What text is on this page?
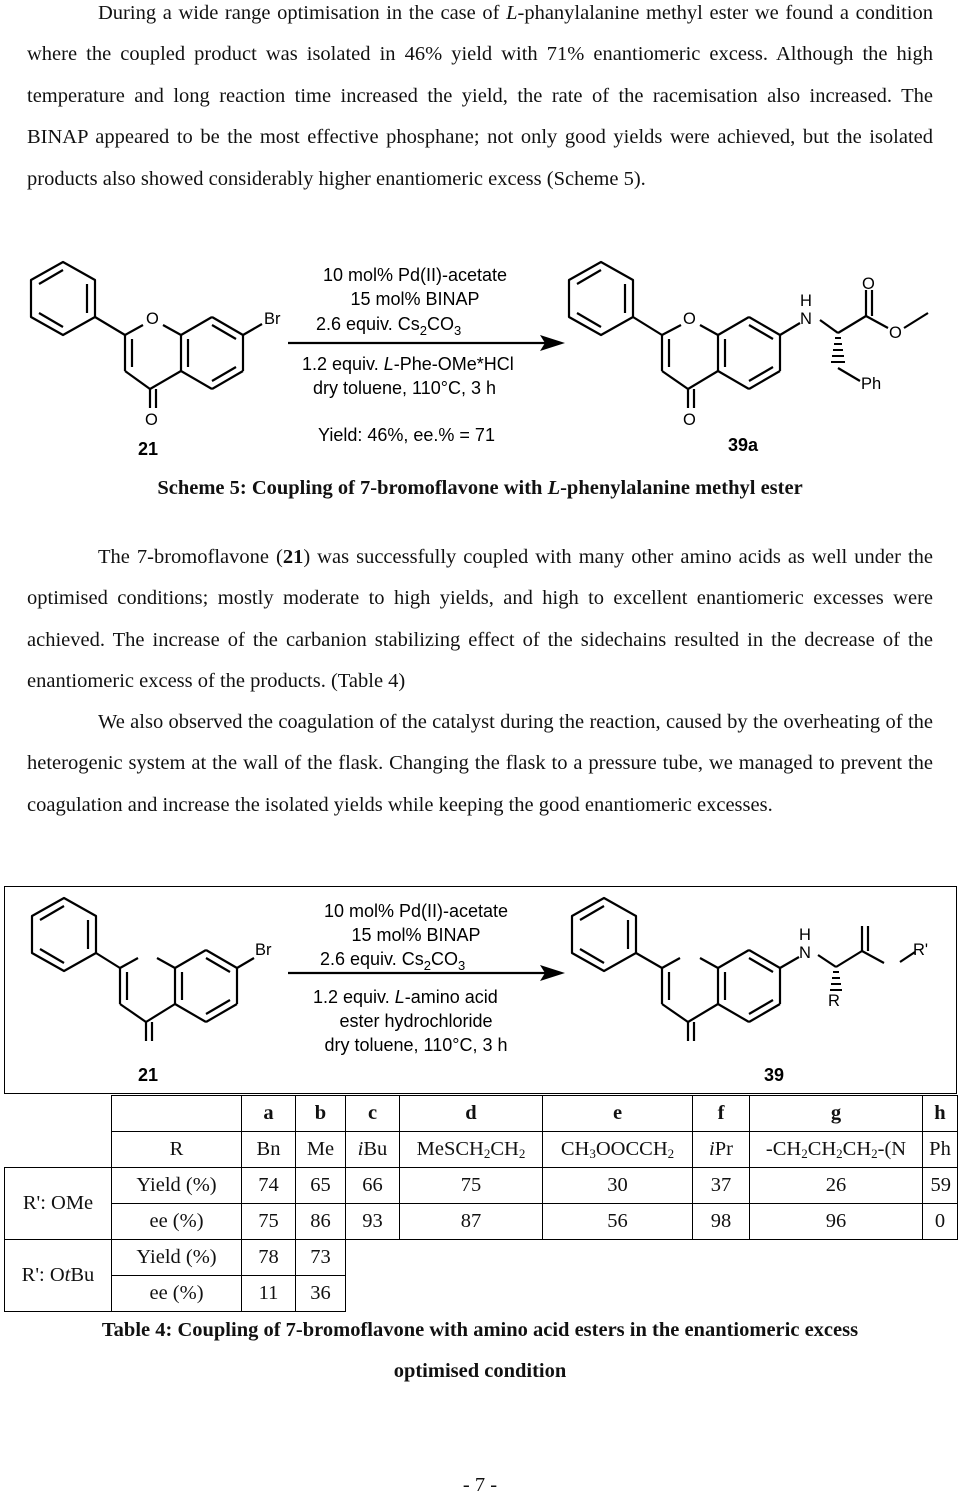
During a wide range optimisation in the case of L-phanylalanine methyl ester we found a condition where the coupled product was isolated in 46% yield with 71% enantiomeric excess. Although the high temperature and long reaction time increased the yield, the rate of the racemisation also increased. The BINAP appeared to be the most effective phosphane; not only good yields were achieved, but the isolated products also showed considerably higher enantiomeric excess (Scheme 5).

O
O
Br
21
10 mol% Pd(II)-acetate
15 mol% BINAP
2.6 equiv. $Cs_2CO_3$
1.2 equiv. L-Phe-OMe*HCl
dry toluene, 110°C, 3 h
Yield: 46%, ee.% = 71
O
O
H
N
O
O
Ph
39a

Scheme 5: Coupling of 7-bromoflavone with L-phenylalanine methyl ester

The 7-bromoflavone (21) was successfully coupled with many other amino acids as well under the optimised conditions; mostly moderate to high yields, and high to excellent enantiomeric excesses were achieved. The increase of the carbanion stabilizing effect of the sidechains resulted in the decrease of the enantiomeric excess of the products. (Table 4)

We also observed the coagulation of the catalyst during the reaction, caused by the overheating of the heterogenic system at the wall of the flask. Changing the flask to a pressure tube, we managed to prevent the coagulation and increase the isolated yields while keeping the good enantiomeric excesses.

Br
H
N	R'
R
10 mol% Pd(II)-acetate
15 mol% BINAP
2.6 equiv. $Cs_2CO_3$
1.2 equiv. L-amino acid
ester hydrochloride
dry toluene, 110°C, 3 h
21	39
		a	b	c	d	e	f	g	h
	R	Bn	Me	iBu	$MeSCH_2CH_2$	$CH_3OOCCH_2$	iPr	$-CH_2CH_2CH_2-(N$	Ph
R': OMe	Yield (%)	74	65	66	75	30	37	26	59
	ee (%)	75	86	93	87	56	98	96	0
R': OtBu	Yield (%)	78	73						
	ee (%)	11	36						

Table 4: Coupling of 7-bromoflavone with amino acid esters in the enantiomeric excess

optimised condition

- 7 -
